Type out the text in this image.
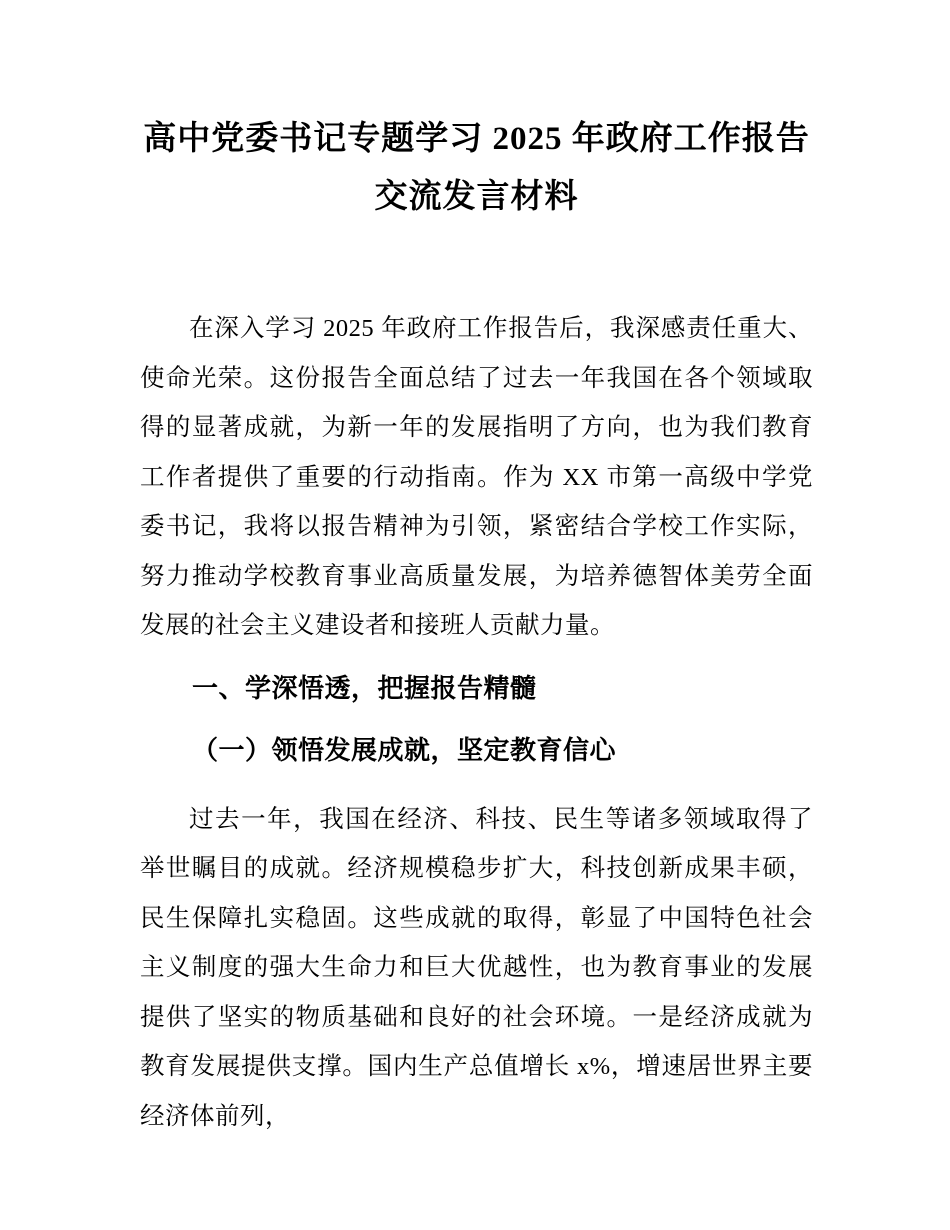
高中党委书记专题学习 2025 年政府工作报告
交流发言材料

在深入学习 2025 年政府工作报告后，我深感责任重大、使命光荣。这份报告全面总结了过去一年我国在各个领域取得的显著成就，为新一年的发展指明了方向，也为我们教育工作者提供了重要的行动指南。作为 XX 市第一高级中学党委书记，我将以报告精神为引领，紧密结合学校工作实际，努力推动学校教育事业高质量发展，为培养德智体美劳全面发展的社会主义建设者和接班人贡献力量。

一、学深悟透，把握报告精髓
（一）领悟发展成就，坚定教育信心

过去一年，我国在经济、科技、民生等诸多领域取得了举世瞩目的成就。经济规模稳步扩大，科技创新成果丰硕，民生保障扎实稳固。这些成就的取得，彰显了中国特色社会主义制度的强大生命力和巨大优越性，也为教育事业的发展提供了坚实的物质基础和良好的社会环境。一是经济成就为教育发展提供支撑。国内生产总值增长 x%，增速居世界主要经济体前列，
